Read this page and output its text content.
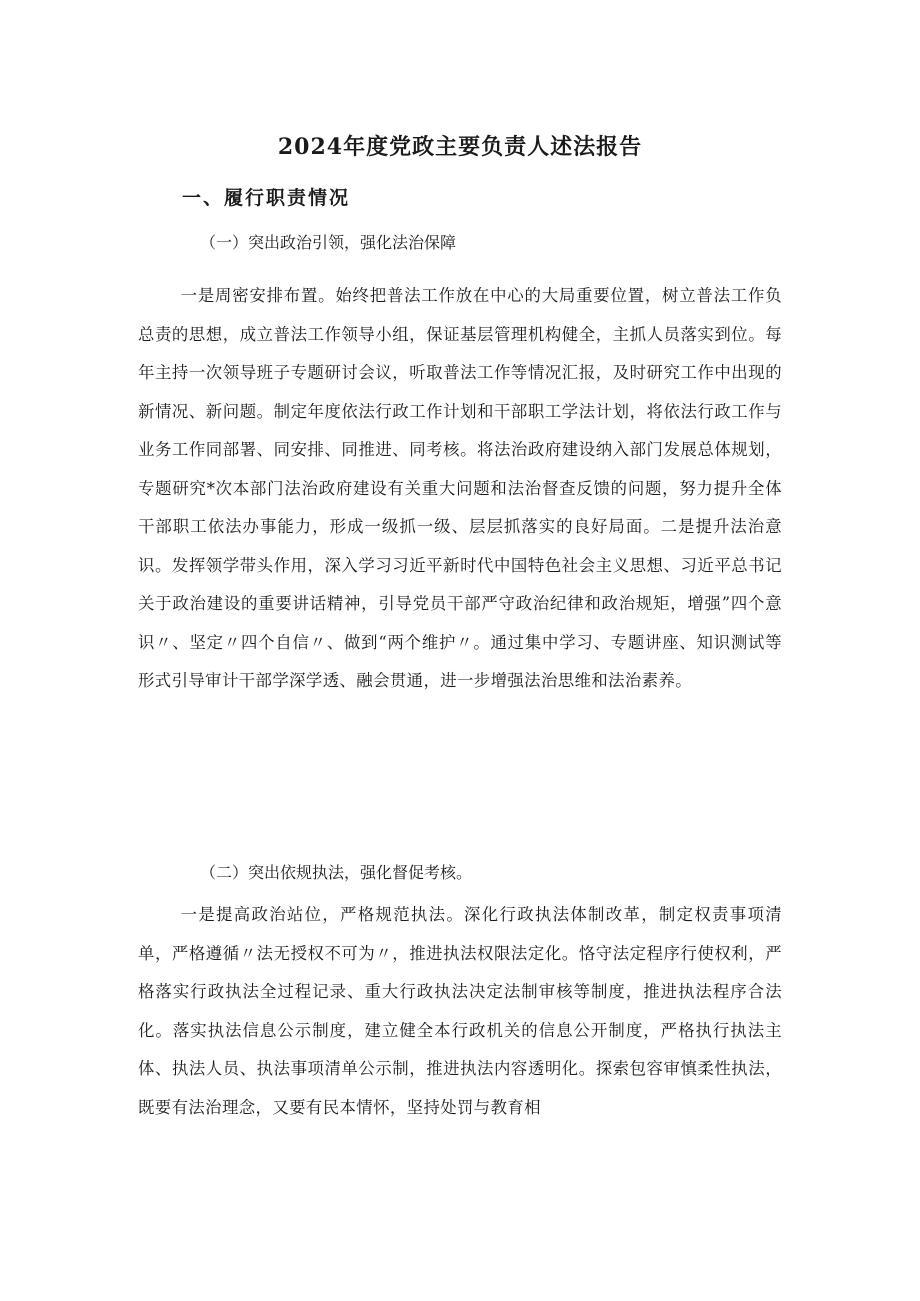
2024年度党政主要负责人述法报告
一、履行职责情况
（一）突出政治引领，强化法治保障
一是周密安排布置。始终把普法工作放在中心的大局重要位置，树立普法工作负总责的思想，成立普法工作领导小组，保证基层管理机构健全，主抓人员落实到位。每年主持一次领导班子专题研讨会议，听取普法工作等情况汇报，及时研究工作中出现的新情况、新问题。制定年度依法行政工作计划和干部职工学法计划，将依法行政工作与业务工作同部署、同安排、同推进、同考核。将法治政府建设纳入部门发展总体规划，专题研究*次本部门法治政府建设有关重大问题和法治督查反馈的问题，努力提升全体干部职工依法办事能力，形成一级抓一级、层层抓落实的良好局面。二是提升法治意识。发挥领学带头作用，深入学习习近平新时代中国特色社会主义思想、习近平总书记关于政治建设的重要讲话精神，引导党员干部严守政治纪律和政治规矩，增强”四个意识〃、坚定〃四个自信〃、做到“两个维护〃。通过集中学习、专题讲座、知识测试等形式引导审计干部学深学透、融会贯通，进一步增强法治思维和法治素养。
（二）突出依规执法，强化督促考核。
一是提高政治站位，严格规范执法。深化行政执法体制改革，制定权责事项清单，严格遵循〃法无授权不可为〃，推进执法权限法定化。恪守法定程序行使权利，严格落实行政执法全过程记录、重大行政执法决定法制审核等制度，推进执法程序合法化。落实执法信息公示制度，建立健全本行政机关的信息公开制度，严格执行执法主体、执法人员、执法事项清单公示制，推进执法内容透明化。探索包容审慎柔性执法，既要有法治理念，又要有民本情怀，坚持处罚与教育相
